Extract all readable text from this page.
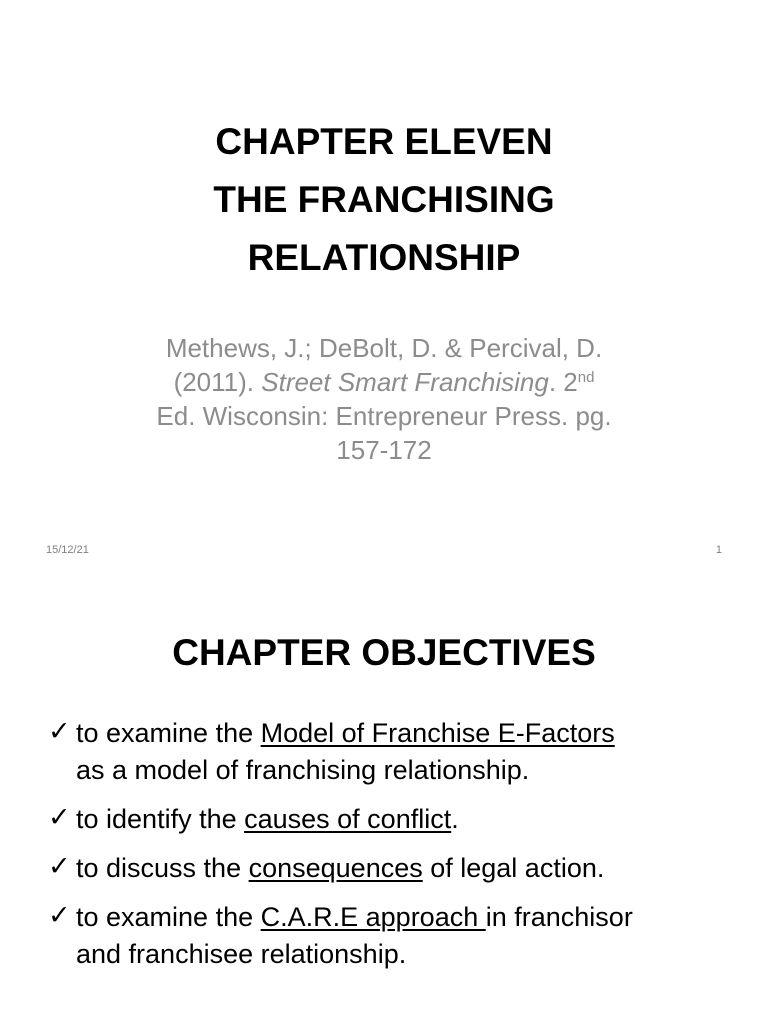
CHAPTER ELEVEN
THE FRANCHISING
RELATIONSHIP
Methews, J.; DeBolt, D. & Percival, D.
(2011). Street Smart Franchising. 2nd
Ed. Wisconsin: Entrepreneur Press. pg.
157-172
15/12/21	1
CHAPTER OBJECTIVES
✓ to examine the Model of Franchise E-Factors
as a model of franchising relationship.
✓ to identify the causes of conflict.
✓ to discuss the consequences of legal action.
✓ to examine the C.A.R.E approach in franchisor
and franchisee relationship.
